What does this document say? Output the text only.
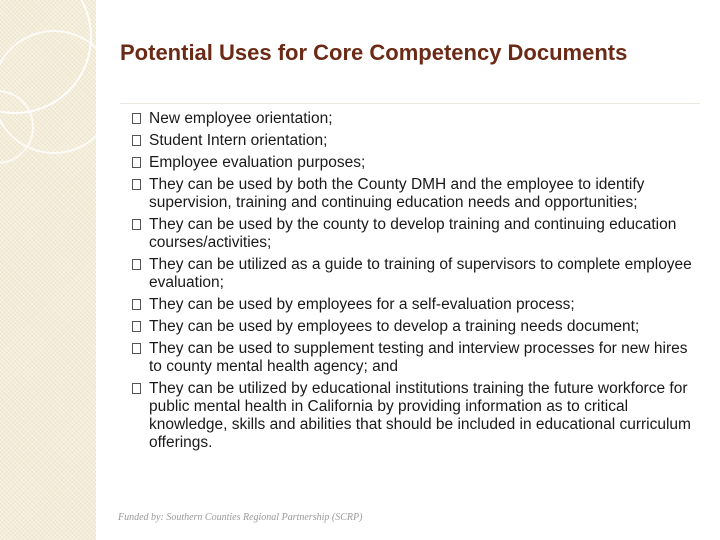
Potential Uses for Core Competency Documents
New employee orientation;
Student Intern orientation;
Employee evaluation purposes;
They can be used by both the County DMH and the employee to identify supervision, training and continuing education needs and opportunities;
They can be used by the county to develop training and continuing education courses/activities;
They can be utilized as a guide to training of supervisors to complete employee evaluation;
They can be used by employees for a self-evaluation process;
They can be used by employees to develop a training needs document;
They can be used to supplement testing and interview processes for new hires to county mental health agency; and
They can be utilized by educational institutions training the future workforce for public mental health in California by providing information as to critical knowledge, skills and abilities that should be included in educational curriculum offerings.
Funded by: Southern Counties Regional Partnership (SCRP)
